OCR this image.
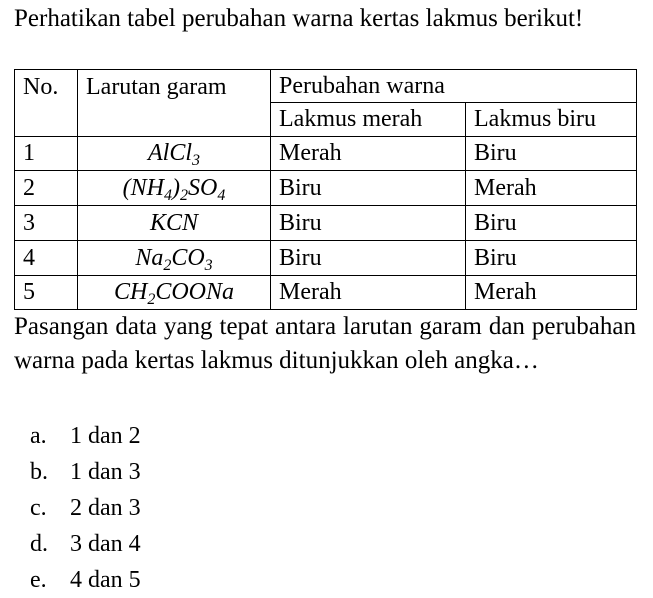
Perhatikan tabel perubahan warna kertas lakmus berikut!
No.	Larutan garam	Perubahan warna	
		Lakmus merah	Lakmus biru
1	AlCl$_3$	Merah	Biru
2	$(NH_4)_2SO_4$	Biru	Merah
3	KCN	Biru	Biru
4	$Na_2CO_3$	Biru	Biru
5	$CH_2COONa$	Merah	Merah
Pasangan data yang tepat antara larutan garam dan perubahan warna pada kertas lakmus ditunjukkan oleh angka…
a. 1 dan 2
b. 1 dan 3
c. 2 dan 3
d. 3 dan 4
e. 4 dan 5
